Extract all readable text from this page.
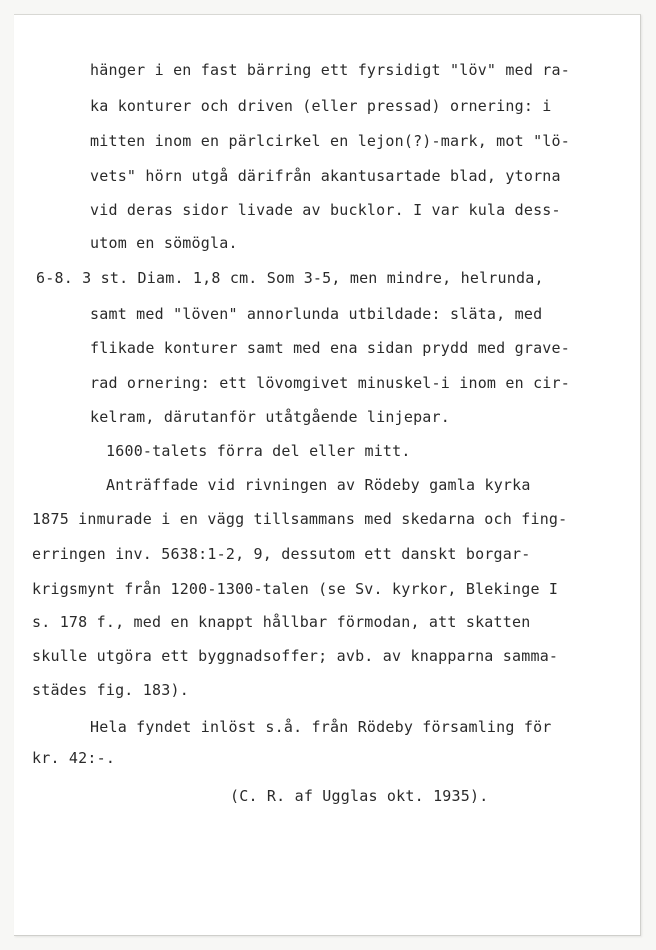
hänger i en fast bärring ett fyrsidigt "löv" med ra-
ka konturer och driven (eller pressad) ornering: i
mitten inom en pärlcirkel en lejon(?)-mark, mot "lö-
vets" hörn utgå därifrån akantusartade blad, ytorna
vid deras sidor livade av bucklor. I var kula dess-
utom en sömögla.
6-8. 3 st. Diam. 1,8 cm. Som 3-5, men mindre, helrunda,
samt med "löven" annorlunda utbildade: släta, med
flikade konturer samt med ena sidan prydd med grave-
rad ornering: ett lövomgivet minuskel-i inom en cir-
kelram, därutanför utåtgående linjepar.
1600-talets förra del eller mitt.
Anträffade vid rivningen av Rödeby gamla kyrka
1875 inmurade i en vägg tillsammans med skedarna och fing-
erringen inv. 5638:1-2, 9, dessutom ett danskt borgar-
krigsmynt från 1200-1300-talen (se Sv. kyrkor, Blekinge I
s. 178 f., med en knappt hållbar förmodan, att skatten
skulle utgöra ett byggnadsoffer; avb. av knapparna samma-
städes fig. 183).
Hela fyndet inlöst s.å. från Rödeby församling för
kr. 42:-.
(C. R. af Ugglas okt. 1935).
